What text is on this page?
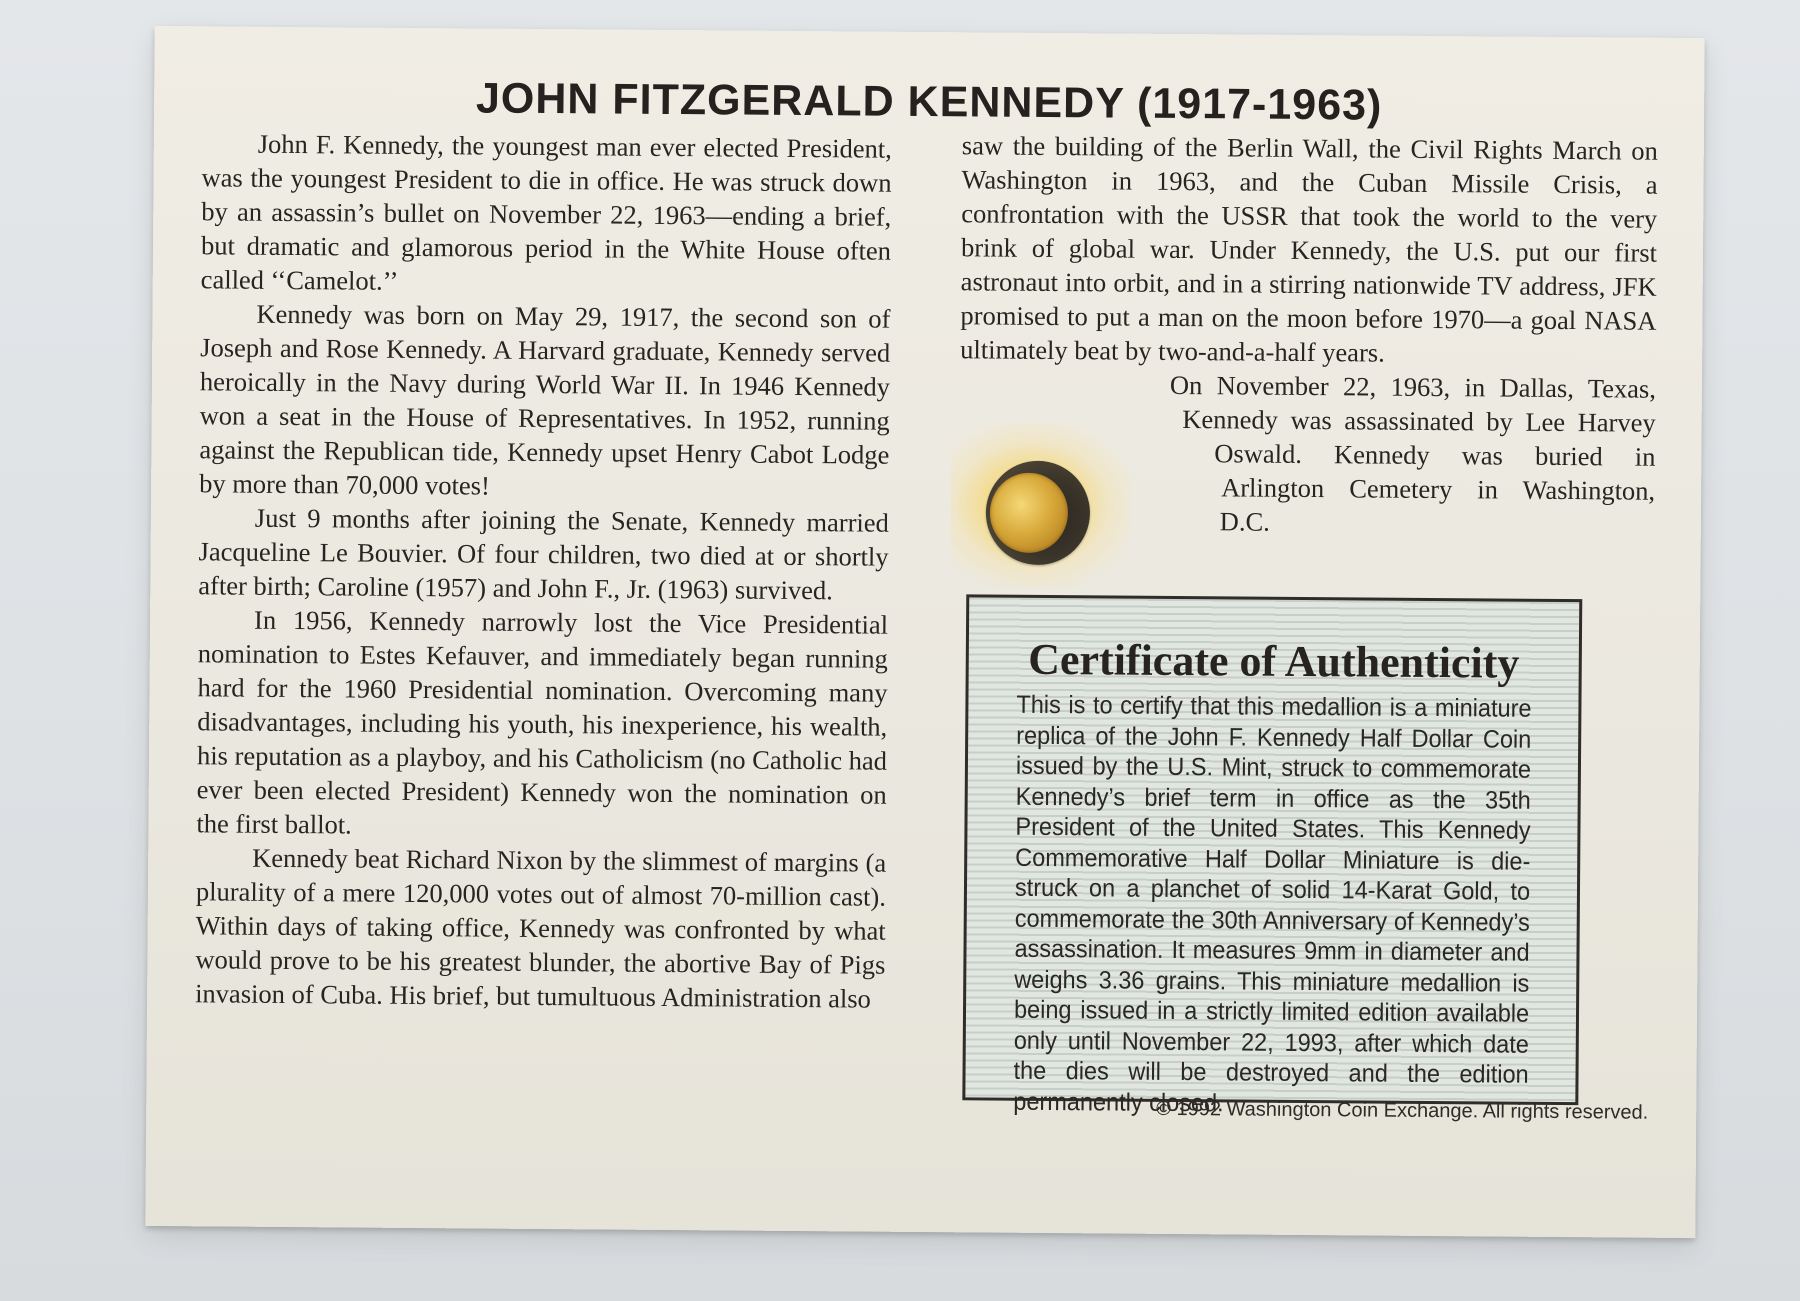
JOHN FITZGERALD KENNEDY (1917-1963)

John F. Kennedy, the youngest man ever elected President, was the youngest President to die in office. He was struck down by an assassin’s bullet on November 22, 1963—ending a brief, but dramatic and glamorous period in the White House often called ‘‘Camelot.’’

Kennedy was born on May 29, 1917, the second son of Joseph and Rose Kennedy. A Harvard graduate, Kennedy served heroically in the Navy during World War II. In 1946 Kennedy won a seat in the House of Representatives. In 1952, running against the Republican tide, Kennedy upset Henry Cabot Lodge by more than 70,000 votes!

Just 9 months after joining the Senate, Kennedy married Jacqueline Le Bouvier. Of four children, two died at or shortly after birth; Caroline (1957) and John F., Jr. (1963) survived.

In 1956, Kennedy narrowly lost the Vice Presidential nomination to Estes Kefauver, and immediately began running hard for the 1960 Presidential nomination. Overcoming many disadvantages, including his youth, his inexperience, his wealth, his reputation as a playboy, and his Catholicism (no Catholic had ever been elected President) Kennedy won the nomination on the first ballot.

Kennedy beat Richard Nixon by the slimmest of margins (a plurality of a mere 120,000 votes out of almost 70-million cast). Within days of taking office, Kennedy was confronted by what would prove to be his greatest blunder, the abortive Bay of Pigs invasion of Cuba. His brief, but tumultuous Administration also

saw the building of the Berlin Wall, the Civil Rights March on Washington in 1963, and the Cuban Missile Crisis, a confrontation with the USSR that took the world to the very brink of global war. Under Kennedy, the U.S. put our first astronaut into orbit, and in a stirring nationwide TV address, JFK promised to put a man on the moon before 1970—a goal NASA ultimately beat by two-and-a-half years.

On November 22, 1963, in Dallas, Texas, Kennedy was assassinated by Lee Harvey Oswald. Kennedy was buried in Arlington Cemetery in Washington, D.C.

Certificate of Authenticity

This is to certify that this medallion is a miniature replica of the John F. Kennedy Half Dollar Coin issued by the U.S. Mint, struck to commemorate Kennedy’s brief term in office as the 35th President of the United States. This Kennedy Commemorative Half Dollar Miniature is die-struck on a planchet of solid 14-Karat Gold, to commemorate the 30th Anniversary of Kennedy’s assassination. It measures 9mm in diameter and weighs 3.36 grains. This miniature medallion is being issued in a strictly limited edition available only until November 22, 1993, after which date the dies will be destroyed and the edition permanently closed.

© 1992 Washington Coin Exchange. All rights reserved.
